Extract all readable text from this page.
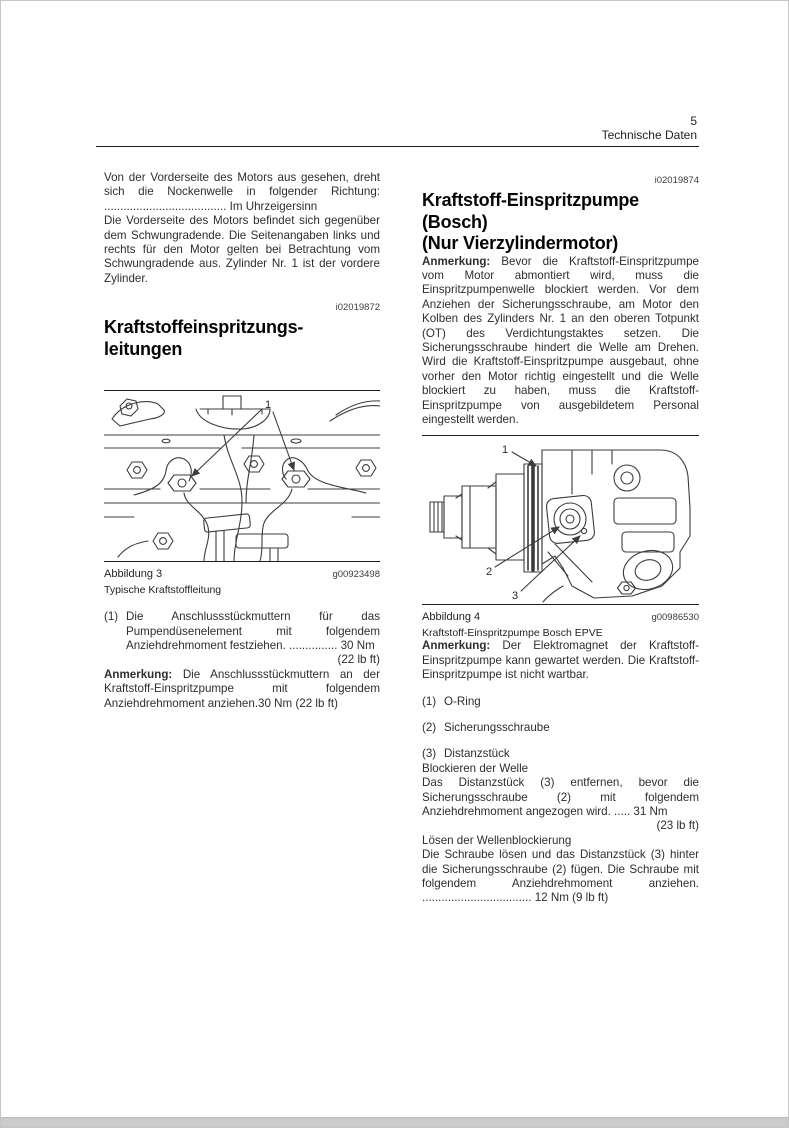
5
Technische Daten

Von der Vorderseite des Motors aus gesehen, dreht sich die Nockenwelle in folgender Richtung: ...................................... Im Uhrzeigersinn

Die Vorderseite des Motors befindet sich gegenüber dem Schwungradende. Die Seitenangaben links und rechts für den Motor gelten bei Betrachtung vom Schwungradende aus. Zylinder Nr. 1 ist der vordere Zylinder.

i02019872
Kraftstoffeinspritzungs-
leitungen
1
Abbildung 3	g00923498
Typische Kraftstoffleitung
(1) Die Anschlussstückmuttern für das Pumpendüsenelement mit folgendem Anziehdrehmoment festziehen. ............... 30 Nm
(22 lb ft)

Anmerkung: Die Anschlussstückmuttern an der Kraftstoff-Einspritzpumpe mit folgendem Anziehdrehmoment anziehen.30 Nm (22 lb ft)

i02019874
Kraftstoff-Einspritzpumpe
(Bosch)
(Nur Vierzylindermotor)

Anmerkung: Bevor die Kraftstoff-Einspritzpumpe vom Motor abmontiert wird, muss die Einspritzpumpenwelle blockiert werden. Vor dem Anziehen der Sicherungsschraube, am Motor den Kolben des Zylinders Nr. 1 an den oberen Totpunkt (OT) des Verdichtungstaktes setzen. Die Sicherungsschraube hindert die Welle am Drehen. Wird die Kraftstoff-Einspritzpumpe ausgebaut, ohne vorher den Motor richtig eingestellt und die Welle blockiert zu haben, muss die Kraftstoff-Einspritzpumpe von ausgebildetem Personal eingestellt werden.

1
2
3
Abbildung 4	g00986530
Kraftstoff-Einspritzpumpe Bosch EPVE

Anmerkung: Der Elektromagnet der Kraftstoff-Einspritzpumpe kann gewartet werden. Die Kraftstoff-Einspritzpumpe ist nicht wartbar.

(1) O-Ring
(2) Sicherungsschraube
(3) Distanzstück

Blockieren der Welle

Das Distanzstück (3) entfernen, bevor die Sicherungsschraube (2) mit folgendem Anziehdrehmoment angezogen wird. ..... 31 Nm

(23 lb ft)

Lösen der Wellenblockierung

Die Schraube lösen und das Distanzstück (3) hinter die Sicherungsschraube (2) fügen. Die Schraube mit folgendem Anziehdrehmoment anziehen. .................................. 12 Nm (9 lb ft)
